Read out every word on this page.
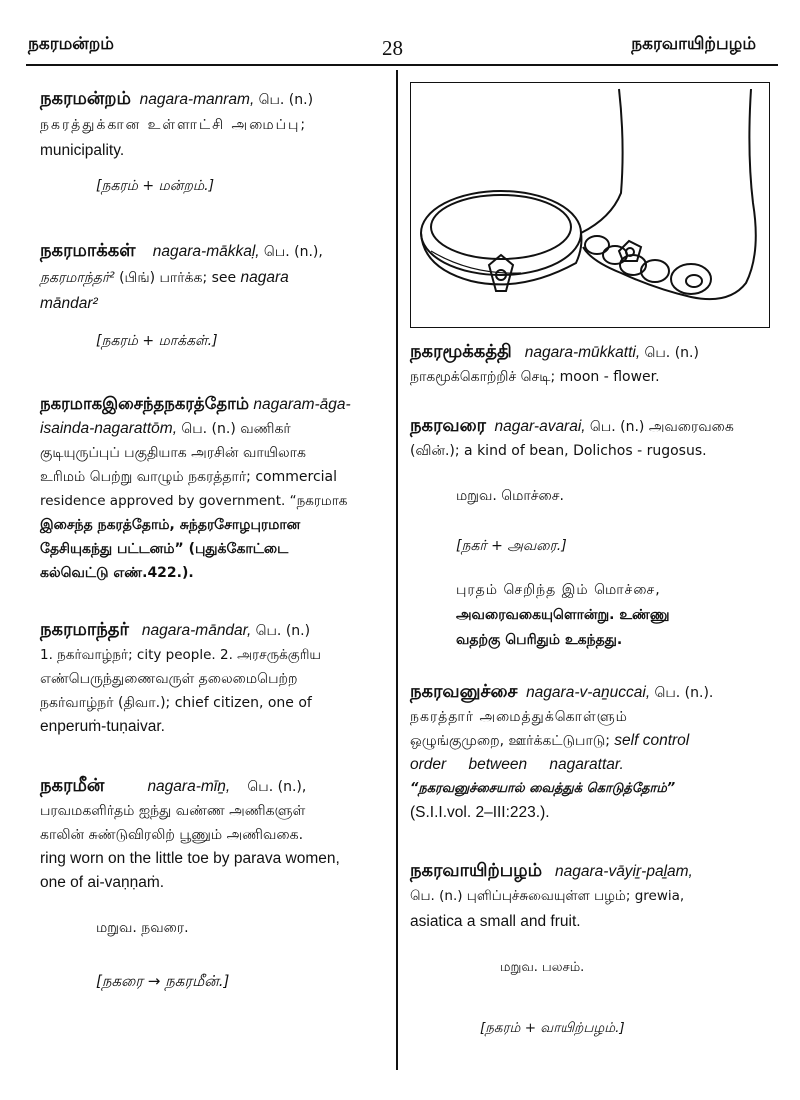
நகரமன்றம்	28	நகரவாயிற்பழம்
நகரமன்றம் nagara-manram, பெ. (n.)
நகரத்துக்கான உள்ளாட்சி அமைப்பு;
municipality.
[நகரம் + மன்றம்.]
நகரமாக்கள் nagara-mākkaḷ, பெ. (n.),
நகரமாந்தர்² (பிங்) பார்க்க; see nagara
māndar²
[நகரம் + மாக்கள்.]
நகரமாகஇசைந்தநகரத்தோம் nagaram-āga-
isainda-nagarattōm, பெ. (n.) வணிகர்
குடியுருப்புப் பகுதியாக அரசின் வாயிலாக
உரிமம் பெற்று வாழும் நகரத்தார்; commercial
residence approved by government. “நகரமாக
இசைந்த நகரத்தோம், சுந்தரசோழபுரமான
தேசியுகந்து பட்டனம்” (புதுக்கோட்டை
கல்வெட்டு எண்.422.).
நகரமாந்தர் nagara-māndar, பெ. (n.)
1. நகர்வாழ்நர்; city people. 2. அரசருக்குரிய
எண்பெருந்துணைவருள் தலைமைபெற்ற
நகர்வாழ்நர் (திவா.); chief citizen, one of
enperuṁ-tuṇaivar.
நகரமீன்	nagara-mīṉ, பெ. (n.),
பரவமகளிர்தம் ஐந்து வண்ண அணிகளுள்
காலின் சுண்டுவிரலிற் பூணும் அணிவகை.
ring worn on the little toe by parava women,
one of ai-vaṇṇaṁ.
மறுவ. நவரை.
[நகரை → நகரமீன்.]
நகரமூக்கத்தி nagara-mūkkatti, பெ. (n.)
நாகமூக்கொற்றிச் செடி; moon - flower.
நகரவரை nagar-avarai, பெ. (n.) அவரைவகை
(வின்.); a kind of bean, Dolichos - rugosus.
மறுவ. மொச்சை.
[நகர் + அவரை.]
புரதம் செறிந்த இம் மொச்சை,
அவரைவகையுளொன்று. உண்ணு
வதற்கு பெரிதும் உகந்தது.
நகரவனுச்சை nagara-v-aṉuccai, பெ. (n.).
நகரத்தார் அமைத்துக்கொள்ளும்
ஒழுங்குமுறை, ஊர்க்கட்டுபாடு; self control
order between nagarattar.
“நகரவனுச்சையால் வைத்துக் கொடுத்தோம்”
(S.I.I.vol. 2–III:223.).
நகரவாயிற்பழம் nagara-vāyiṟ-paḻam,
பெ. (n.) புளிப்புச்சுவையுள்ள பழம்; grewia,
asiatica a small and fruit.
மறுவ. பலசம்.
[நகரம் + வாயிற்பழம்.]
